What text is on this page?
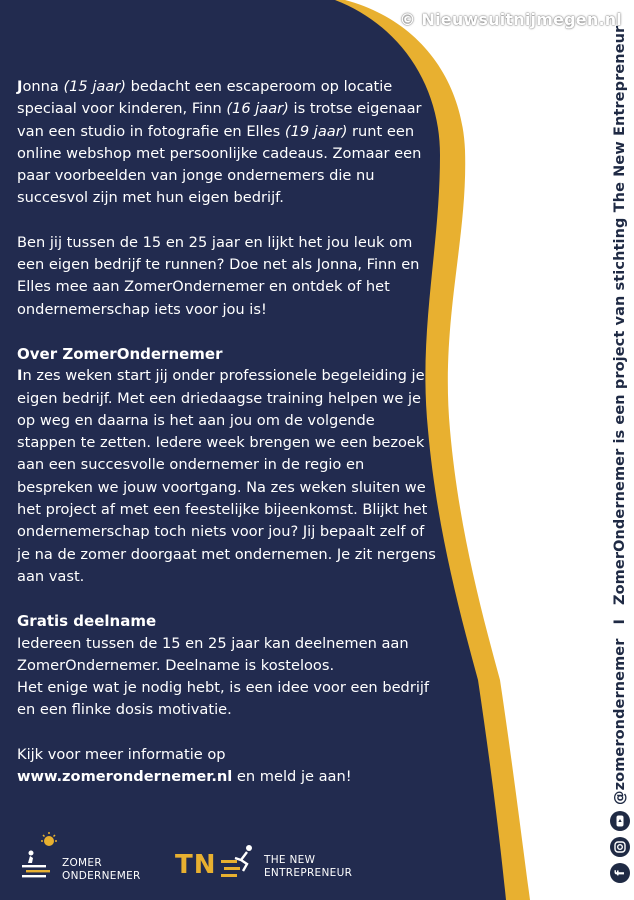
© Nieuwsuitnijmegen.nl

Jonna (15 jaar) bedacht een escaperoom op locatie speciaal voor kinderen, Finn (16 jaar) is trotse eigenaar van een studio in fotografie en Elles (19 jaar) runt een online webshop met persoonlijke cadeaus. Zomaar een paar voorbeelden van jonge ondernemers die nu succesvol zijn met hun eigen bedrijf.

Ben jij tussen de 15 en 25 jaar en lijkt het jou leuk om een eigen bedrijf te runnen? Doe net als Jonna, Finn en Elles mee aan ZomerOndernemer en ontdek of het ondernemerschap iets voor jou is!

Over ZomerOndernemer

In zes weken start jij onder professionele begeleiding je eigen bedrijf. Met een driedaagse training helpen we je op weg en daarna is het aan jou om de volgende stappen te zetten. Iedere week brengen we een bezoek aan een succesvolle ondernemer in de regio en bespreken we jouw voortgang. Na zes weken sluiten we het project af met een feestelijke bijeenkomst. Blijkt het ondernemerschap toch niets voor jou? Jij bepaalt zelf of je na de zomer doorgaat met ondernemen. Je zit nergens aan vast.

Gratis deelname
Iedereen tussen de 15 en 25 jaar kan deelnemen aan ZomerOndernemer. Deelname is kosteloos.

Het enige wat je nodig hebt, is een idee voor een bedrijf en een flinke dosis motivatie.

Kijk voor meer informatie op
www.zomerondernemer.nl en meld je aan!
f
@zomerondernemer
I
ZomerOndernemer is een project van stichting The New Entrepreneur
ZOMER
ONDERNEMER TN	THE NEW
ENTREPRENEUR
